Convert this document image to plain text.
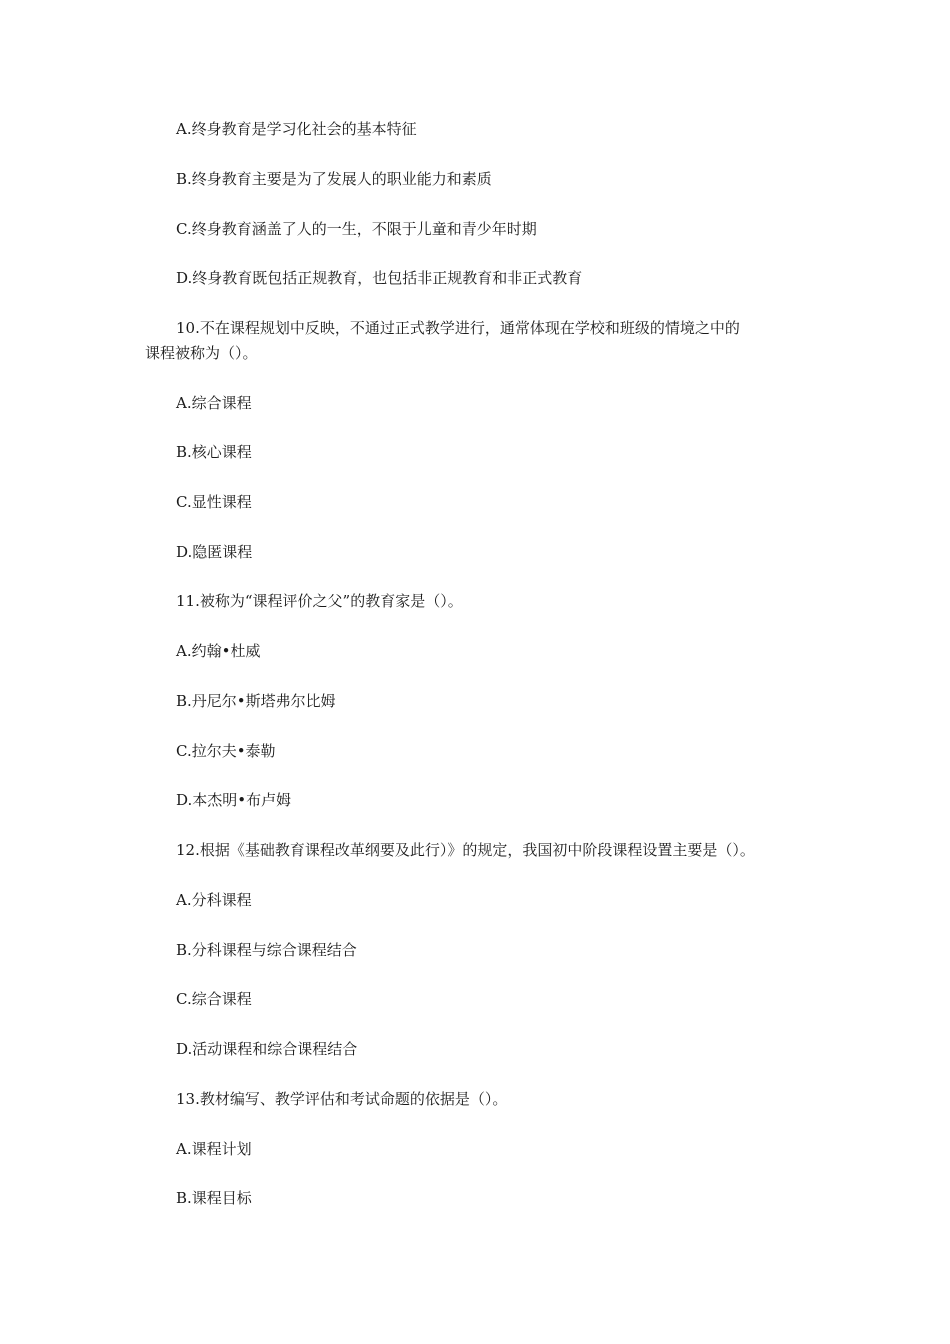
A.终身教育是学习化社会的基本特征
B.终身教育主要是为了发展人的职业能力和素质
C.终身教育涵盖了人的一生，不限于儿童和青少年时期
D.终身教育既包括正规教育，也包括非正规教育和非正式教育
10.不在课程规划中反映，不通过正式教学进行，通常体现在学校和班级的情境之中的
课程被称为（）。
A.综合课程
B.核心课程
C.显性课程
D.隐匿课程
11.被称为“课程评价之父”的教育家是（）。
A.约翰•杜威
B.丹尼尔•斯塔弗尔比姆
C.拉尔夫•泰勒
D.本杰明•布卢姆
12.根据《基础教育课程改革纲要及此行）》的规定，我国初中阶段课程设置主要是（）。
A.分科课程
B.分科课程与综合课程结合
C.综合课程
D.活动课程和综合课程结合
13.教材编写、教学评估和考试命题的依据是（）。
A.课程计划
B.课程目标
